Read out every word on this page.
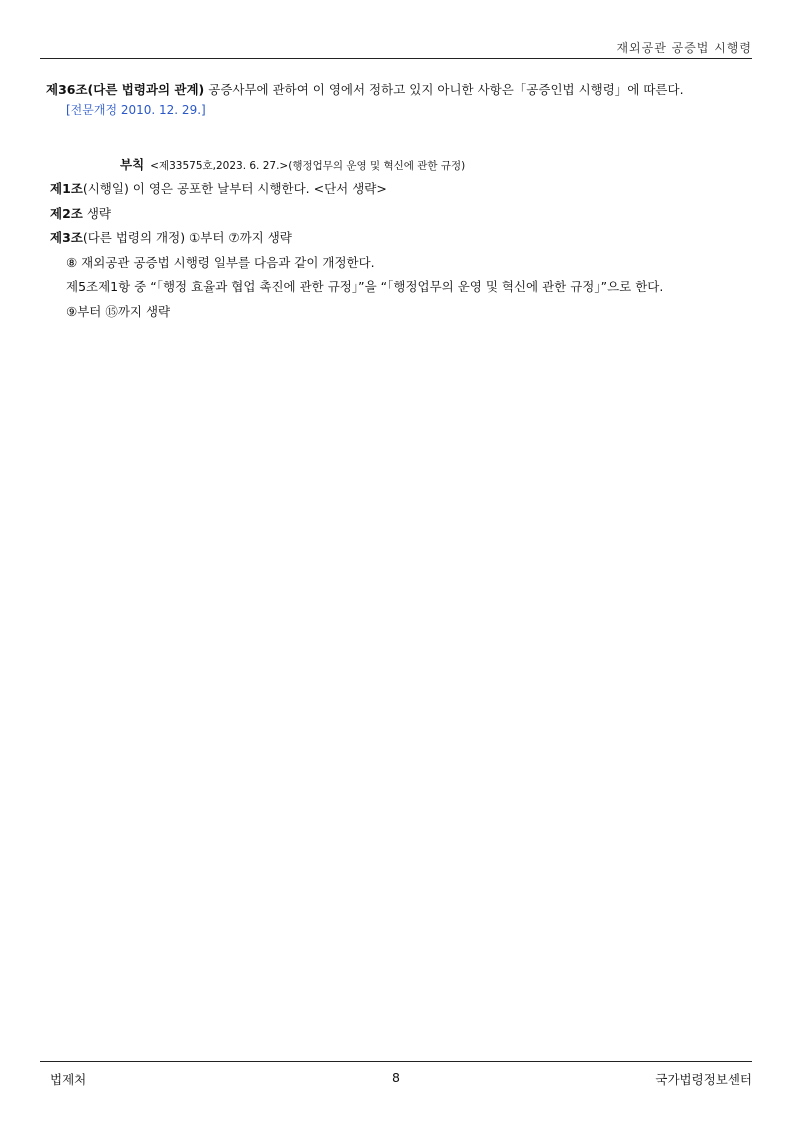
재외공관 공증법 시행령
제36조(다른 법령과의 관계) 공증사무에 관하여 이 영에서 정하고 있지 아니한 사항은「공증인법 시행령」에 따른다.
[전문개정 2010. 12. 29.]
부칙 <제33575호,2023. 6. 27.>(행정업무의 운영 및 혁신에 관한 규정)
제1조(시행일) 이 영은 공포한 날부터 시행한다. <단서 생략>
제2조 생략
제3조(다른 법령의 개정) ①부터 ⑦까지 생략
⑧ 재외공관 공증법 시행령 일부를 다음과 같이 개정한다.
제5조제1항 중 “「행정 효율과 협업 촉진에 관한 규정」”을 “「행정업무의 운영 및 혁신에 관한 규정」”으로 한다.
⑨부터 ⑮까지 생략
법제처	8	국가법령정보센터
